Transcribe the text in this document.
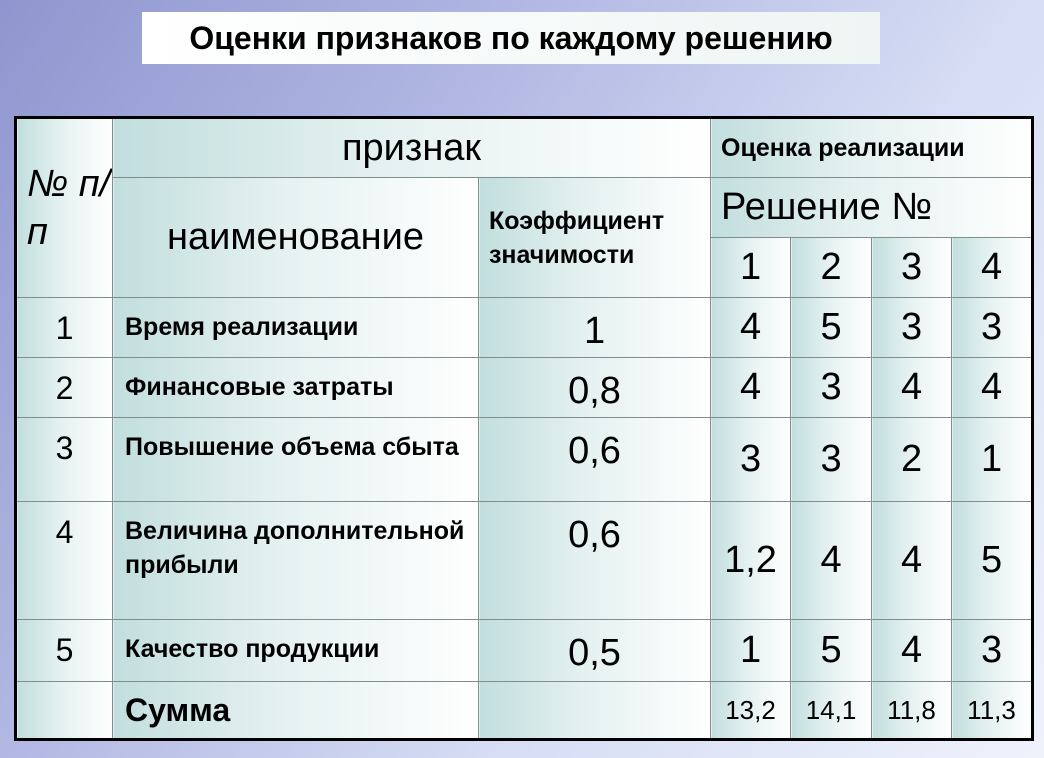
Оценки признаков по каждому решению
№ п/п	признак		Оценка реализации			
	наименование	Коэффициент значимости	Решение №			
			1	2	3	4
1	Время реализации	1	4	5	3	3
2	Финансовые затраты	0,8	4	3	4	4
3	Повышение объема сбыта	0,6	3	3	2	1
4	Величина дополнительной прибыли	0,6	1,2	4	4	5
5	Качество продукции	0,5	1	5	4	3
	Сумма		13,2	14,1	11,8	11,3
